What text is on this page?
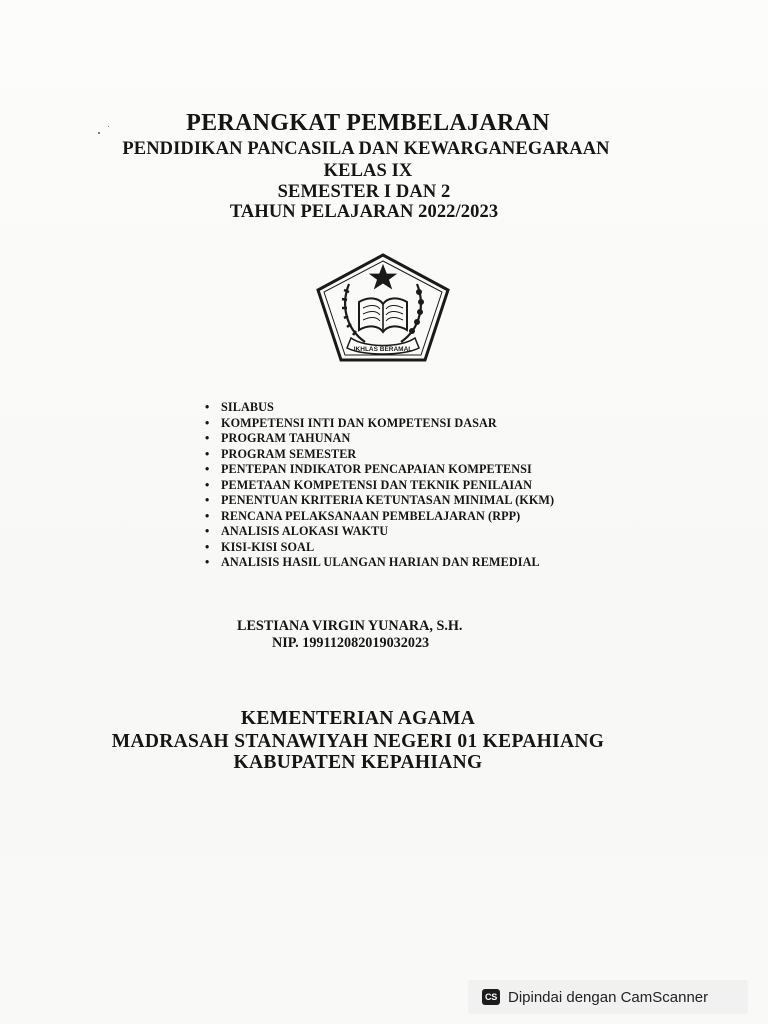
PERANGKAT PEMBELAJARAN
PENDIDIKAN PANCASILA DAN KEWARGANEGARAAN
KELAS IX
SEMESTER I DAN 2
TAHUN PELAJARAN 2022/2023
IKHLAS BERAMAL
• SILABUS
• KOMPETENSI INTI DAN KOMPETENSI DASAR
• PROGRAM TAHUNAN
• PROGRAM SEMESTER
• PENTEPAN INDIKATOR PENCAPAIAN KOMPETENSI
• PEMETAAN KOMPETENSI DAN TEKNIK PENILAIAN
• PENENTUAN KRITERIA KETUNTASAN MINIMAL (KKM)
• RENCANA PELAKSANAAN PEMBELAJARAN (RPP)
• ANALISIS ALOKASI WAKTU
• KISI-KISI SOAL
• ANALISIS HASIL ULANGAN HARIAN DAN REMEDIAL
LESTIANA VIRGIN YUNARA, S.H.
NIP. 199112082019032023
KEMENTERIAN AGAMA
MADRASAH STANAWIYAH NEGERI 01 KEPAHIANG
KABUPATEN KEPAHIANG
CS Dipindai dengan CamScanner
